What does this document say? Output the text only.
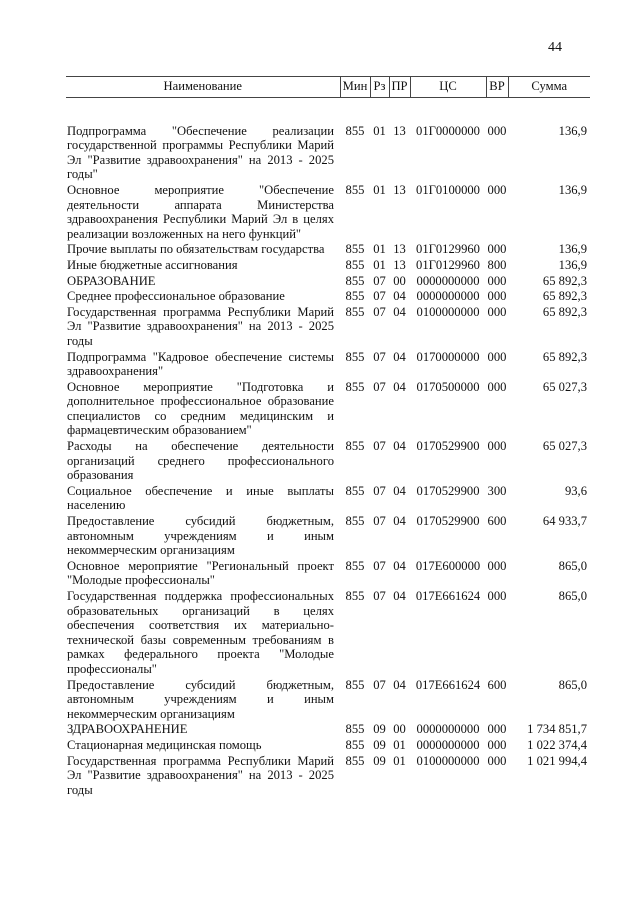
44
Наименование	Мин	Рз	ПР	ЦС	ВР	Сумма
Подпрограмма "Обеспечение реализации государственной программы Республики Марий Эл "Развитие здравоохранения" на 2013 - 2025 годы"	855	01	13	01Г0000000	000	136,9
Основное мероприятие "Обеспечение деятельности аппарата Министерства здравоохранения Республики Марий Эл в целях реализации возложенных на него функций"	855	01	13	01Г0100000	000	136,9
Прочие выплаты по обязательствам государства	855	01	13	01Г0129960	000	136,9
Иные бюджетные ассигнования	855	01	13	01Г0129960	800	136,9
ОБРАЗОВАНИЕ	855	07	00	0000000000	000	65 892,3
Среднее профессиональное образование	855	07	04	0000000000	000	65 892,3
Государственная программа Республики Марий Эл "Развитие здравоохранения" на 2013 - 2025 годы	855	07	04	0100000000	000	65 892,3
Подпрограмма "Кадровое обеспечение системы здравоохранения"	855	07	04	0170000000	000	65 892,3
Основное мероприятие "Подготовка и дополнительное профессиональное образование специалистов со средним медицинским и фармацевтическим образованием"	855	07	04	0170500000	000	65 027,3
Расходы на обеспечение деятельности организаций среднего профессионального образования	855	07	04	0170529900	000	65 027,3
Социальное обеспечение и иные выплаты населению	855	07	04	0170529900	300	93,6
Предоставление субсидий бюджетным, автономным учреждениям и иным некоммерческим организациям	855	07	04	0170529900	600	64 933,7
Основное мероприятие "Региональный проект "Молодые профессионалы"	855	07	04	017Е600000	000	865,0
Государственная поддержка профессиональных образовательных организаций в целях обеспечения соответствия их материально-технической базы современным требованиям в рамках федерального проекта "Молодые профессионалы"	855	07	04	017Е661624	000	865,0
Предоставление субсидий бюджетным, автономным учреждениям и иным некоммерческим организациям	855	07	04	017Е661624	600	865,0
ЗДРАВООХРАНЕНИЕ	855	09	00	0000000000	000	1 734 851,7
Стационарная медицинская помощь	855	09	01	0000000000	000	1 022 374,4
Государственная программа Республики Марий Эл "Развитие здравоохранения" на 2013 - 2025 годы	855	09	01	0100000000	000	1 021 994,4
